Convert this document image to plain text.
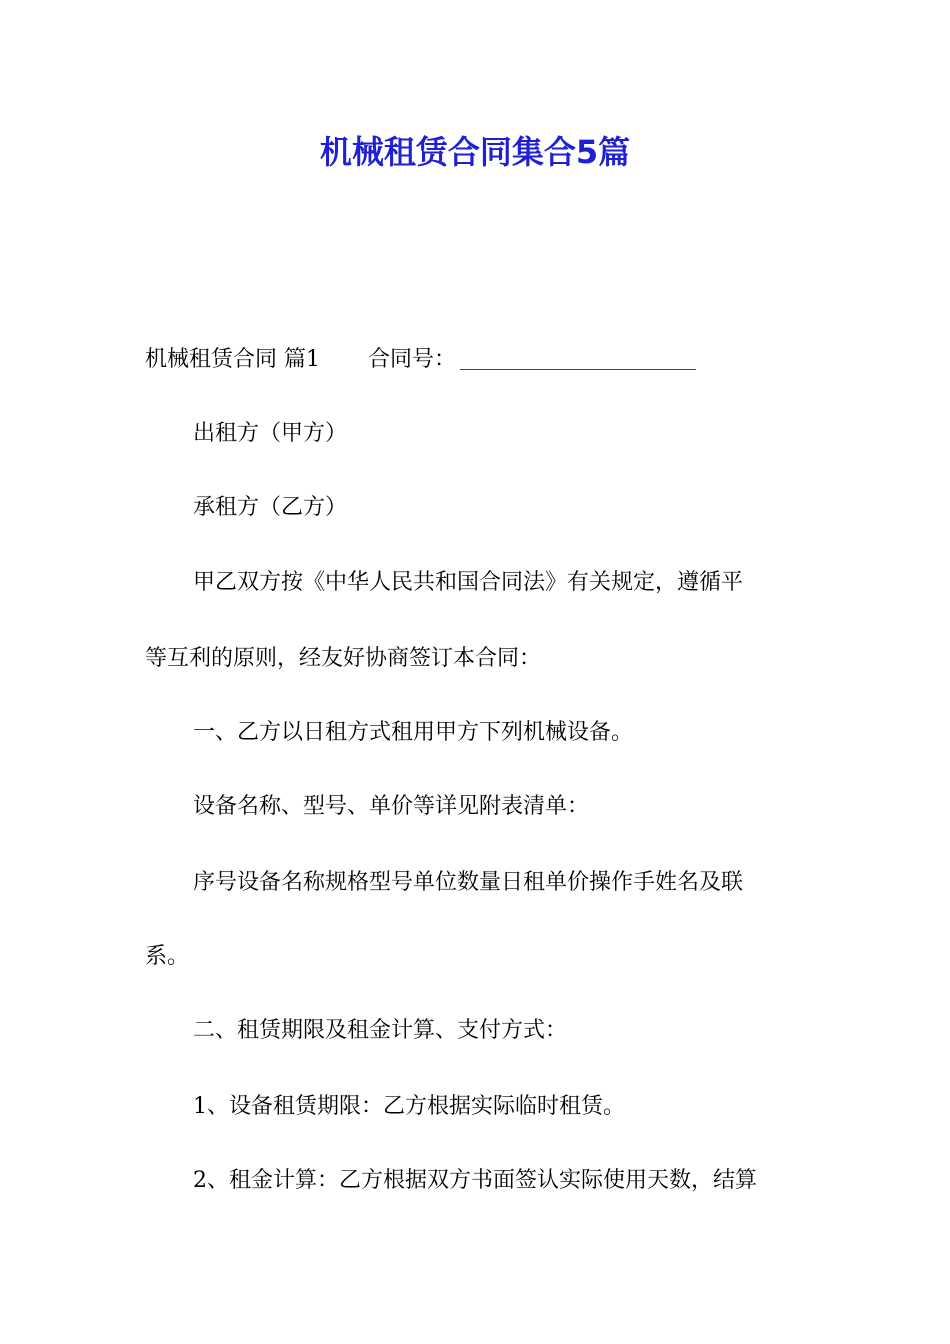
机械租赁合同集合5篇
机械租赁合同 篇1 合同号：
出租方（甲方）
承租方（乙方）
甲乙双方按《中华人民共和国合同法》有关规定，遵循平
等互利的原则，经友好协商签订本合同：
一、乙方以日租方式租用甲方下列机械设备。
设备名称、型号、单价等详见附表清单：
序号设备名称规格型号单位数量日租单价操作手姓名及联
系。
二、租赁期限及租金计算、支付方式：
1、设备租赁期限：乙方根据实际临时租赁。
2、租金计算：乙方根据双方书面签认实际使用天数，结算
